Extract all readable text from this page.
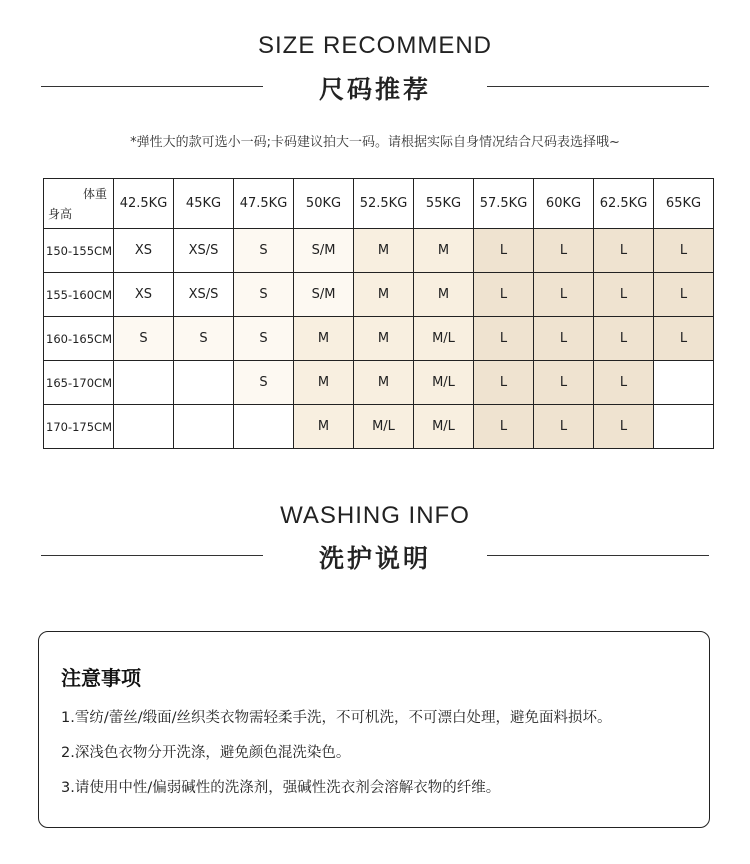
SIZE RECOMMEND
尺码推荐
*弹性大的款可选小一码;卡码建议拍大一码。请根据实际自身情况结合尺码表选择哦~
体重
身高	42.5KG	45KG	47.5KG	50KG	52.5KG	55KG	57.5KG	60KG	62.5KG	65KG
150-155CM	XS	XS/S	S	S/M	M	M	L	L	L	L
155-160CM	XS	XS/S	S	S/M	M	M	L	L	L	L
160-165CM	S	S	S	M	M	M/L	L	L	L	L
165-170CM			S	M	M	M/L	L	L	L	
170-175CM				M	M/L	M/L	L	L	L	
WASHING INFO
洗护说明
注意事项
1.雪纺/蕾丝/缎面/丝织类衣物需轻柔手洗，不可机洗，不可漂白处理，避免面料损坏。
2.深浅色衣物分开洗涤，避免颜色混洗染色。
3.请使用中性/偏弱碱性的洗涤剂，强碱性洗衣剂会溶解衣物的纤维。
